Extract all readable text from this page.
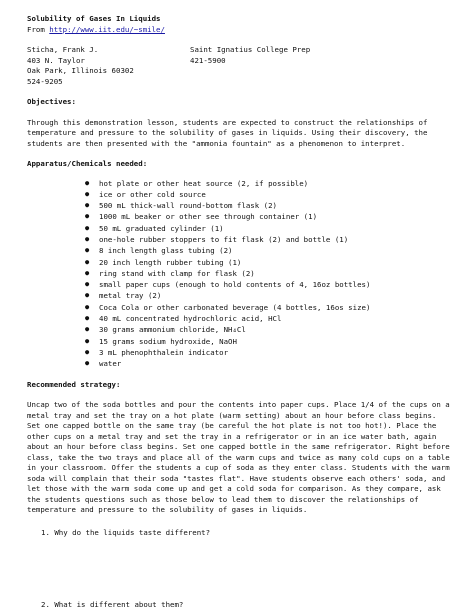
Solubility of Gases In Liquids
From http://www.iit.edu/~smile/
Sticha, Frank J.
403 N. Taylor
Oak Park, Illinois 60302
524-9205
Saint Ignatius College Prep
421-5900
Objectives:
Through this demonstration lesson, students are expected to construct the relationships of temperature and pressure to the solubility of gases in liquids. Using their discovery, the students are then presented with the "ammonia fountain" as a phenomenon to interpret.
Apparatus/Chemicals needed:
● hot plate or other heat source (2, if possible)
● ice or other cold source
● 500 mL thick-wall round-bottom flask (2)
● 1000 mL beaker or other see through container (1)
● 50 mL graduated cylinder (1)
● one-hole rubber stoppers to fit flask (2) and bottle (1)
● 8 inch length glass tubing (2)
● 20 inch length rubber tubing (1)
● ring stand with clamp for flask (2)
● small paper cups (enough to hold contents of 4, 16oz bottles)
● metal tray (2)
● Coca Cola or other carbonated beverage (4 bottles, 16os size)
● 40 mL concentrated hydrochloric acid, HCl
● 30 grams ammonium chloride, NH₄Cl
● 15 grams sodium hydroxide, NaOH
● 3 mL phenophthalein indicator
● water
Recommended strategy:
Uncap two of the soda bottles and pour the contents into paper cups. Place 1/4 of the cups on a metal tray and set the tray on a hot plate (warm setting) about an hour before class begins. Set one capped bottle on the same tray (be careful the hot plate is not too hot!). Place the other cups on a metal tray and set the tray in a refrigerator or in an ice water bath, again about an hour before class begins. Set one capped bottle in the same refrigerator. Right before class, take the two trays and place all of the warm cups and twice as many cold cups on a table in your classroom. Offer the students a cup of soda as they enter class. Students with the warm soda will complain that their soda "tastes flat". Have students observe each others' soda, and let those with the warm soda come up and get a cold soda for comparison. As they compare, ask the students questions such as those below to lead them to discover the relationships of temperature and pressure to the solubility of gases in liquids.
1. Why do the liquids taste different?
2. What is different about them?
